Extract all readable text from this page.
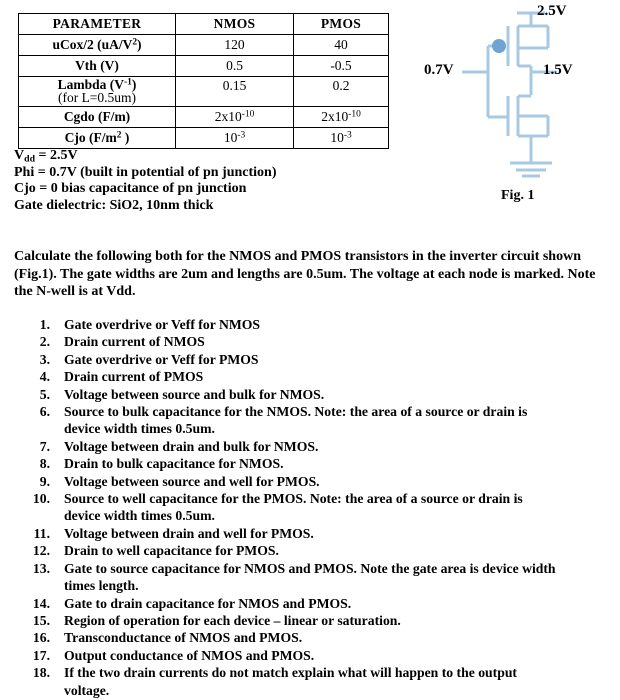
PARAMETER	NMOS	PMOS
uCox/2 $(uA/V^2)$	120	40
Vth (V)	0.5	-0.5
Lambda $(V^{-1})$
(for L=0.5um)	0.15	0.2
Cgdo (F/m)	$2x10^{-10}$	$2x10^{-10}$
Cjo ($F/m^2$ )	$10^{-3}$	$10^{-3}$
$V_{dd} = 2.5V$
Phi = 0.7V (built in potential of pn junction)
Cjo = 0 bias capacitance of pn junction
Gate dielectric: SiO2, 10nm thick
2.5V
0.7V	1.5V
Fig. 1
Calculate the following both for the NMOS and PMOS transistors in the inverter circuit shown (Fig.1). The gate widths are 2um and lengths are 0.5um. The voltage at each node is marked. Note the N-well is at Vdd.
1. Gate overdrive or Veff for NMOS
2. Drain current of NMOS
3. Gate overdrive or Veff for PMOS
4. Drain current of PMOS
5. Voltage between source and bulk for NMOS.
6. Source to bulk capacitance for the NMOS. Note: the area of a source or drain is
device width times 0.5um.
7. Voltage between drain and bulk for NMOS.
8. Drain to bulk capacitance for NMOS.
9. Voltage between source and well for PMOS.
10. Source to well capacitance for the PMOS. Note: the area of a source or drain is
device width times 0.5um.
11. Voltage between drain and well for PMOS.
12. Drain to well capacitance for PMOS.
13. Gate to source capacitance for NMOS and PMOS. Note the gate area is device width
times length.
14. Gate to drain capacitance for NMOS and PMOS.
15. Region of operation for each device – linear or saturation.
16. Transconductance of NMOS and PMOS.
17. Output conductance of NMOS and PMOS.
18. If the two drain currents do not match explain what will happen to the output
voltage.
